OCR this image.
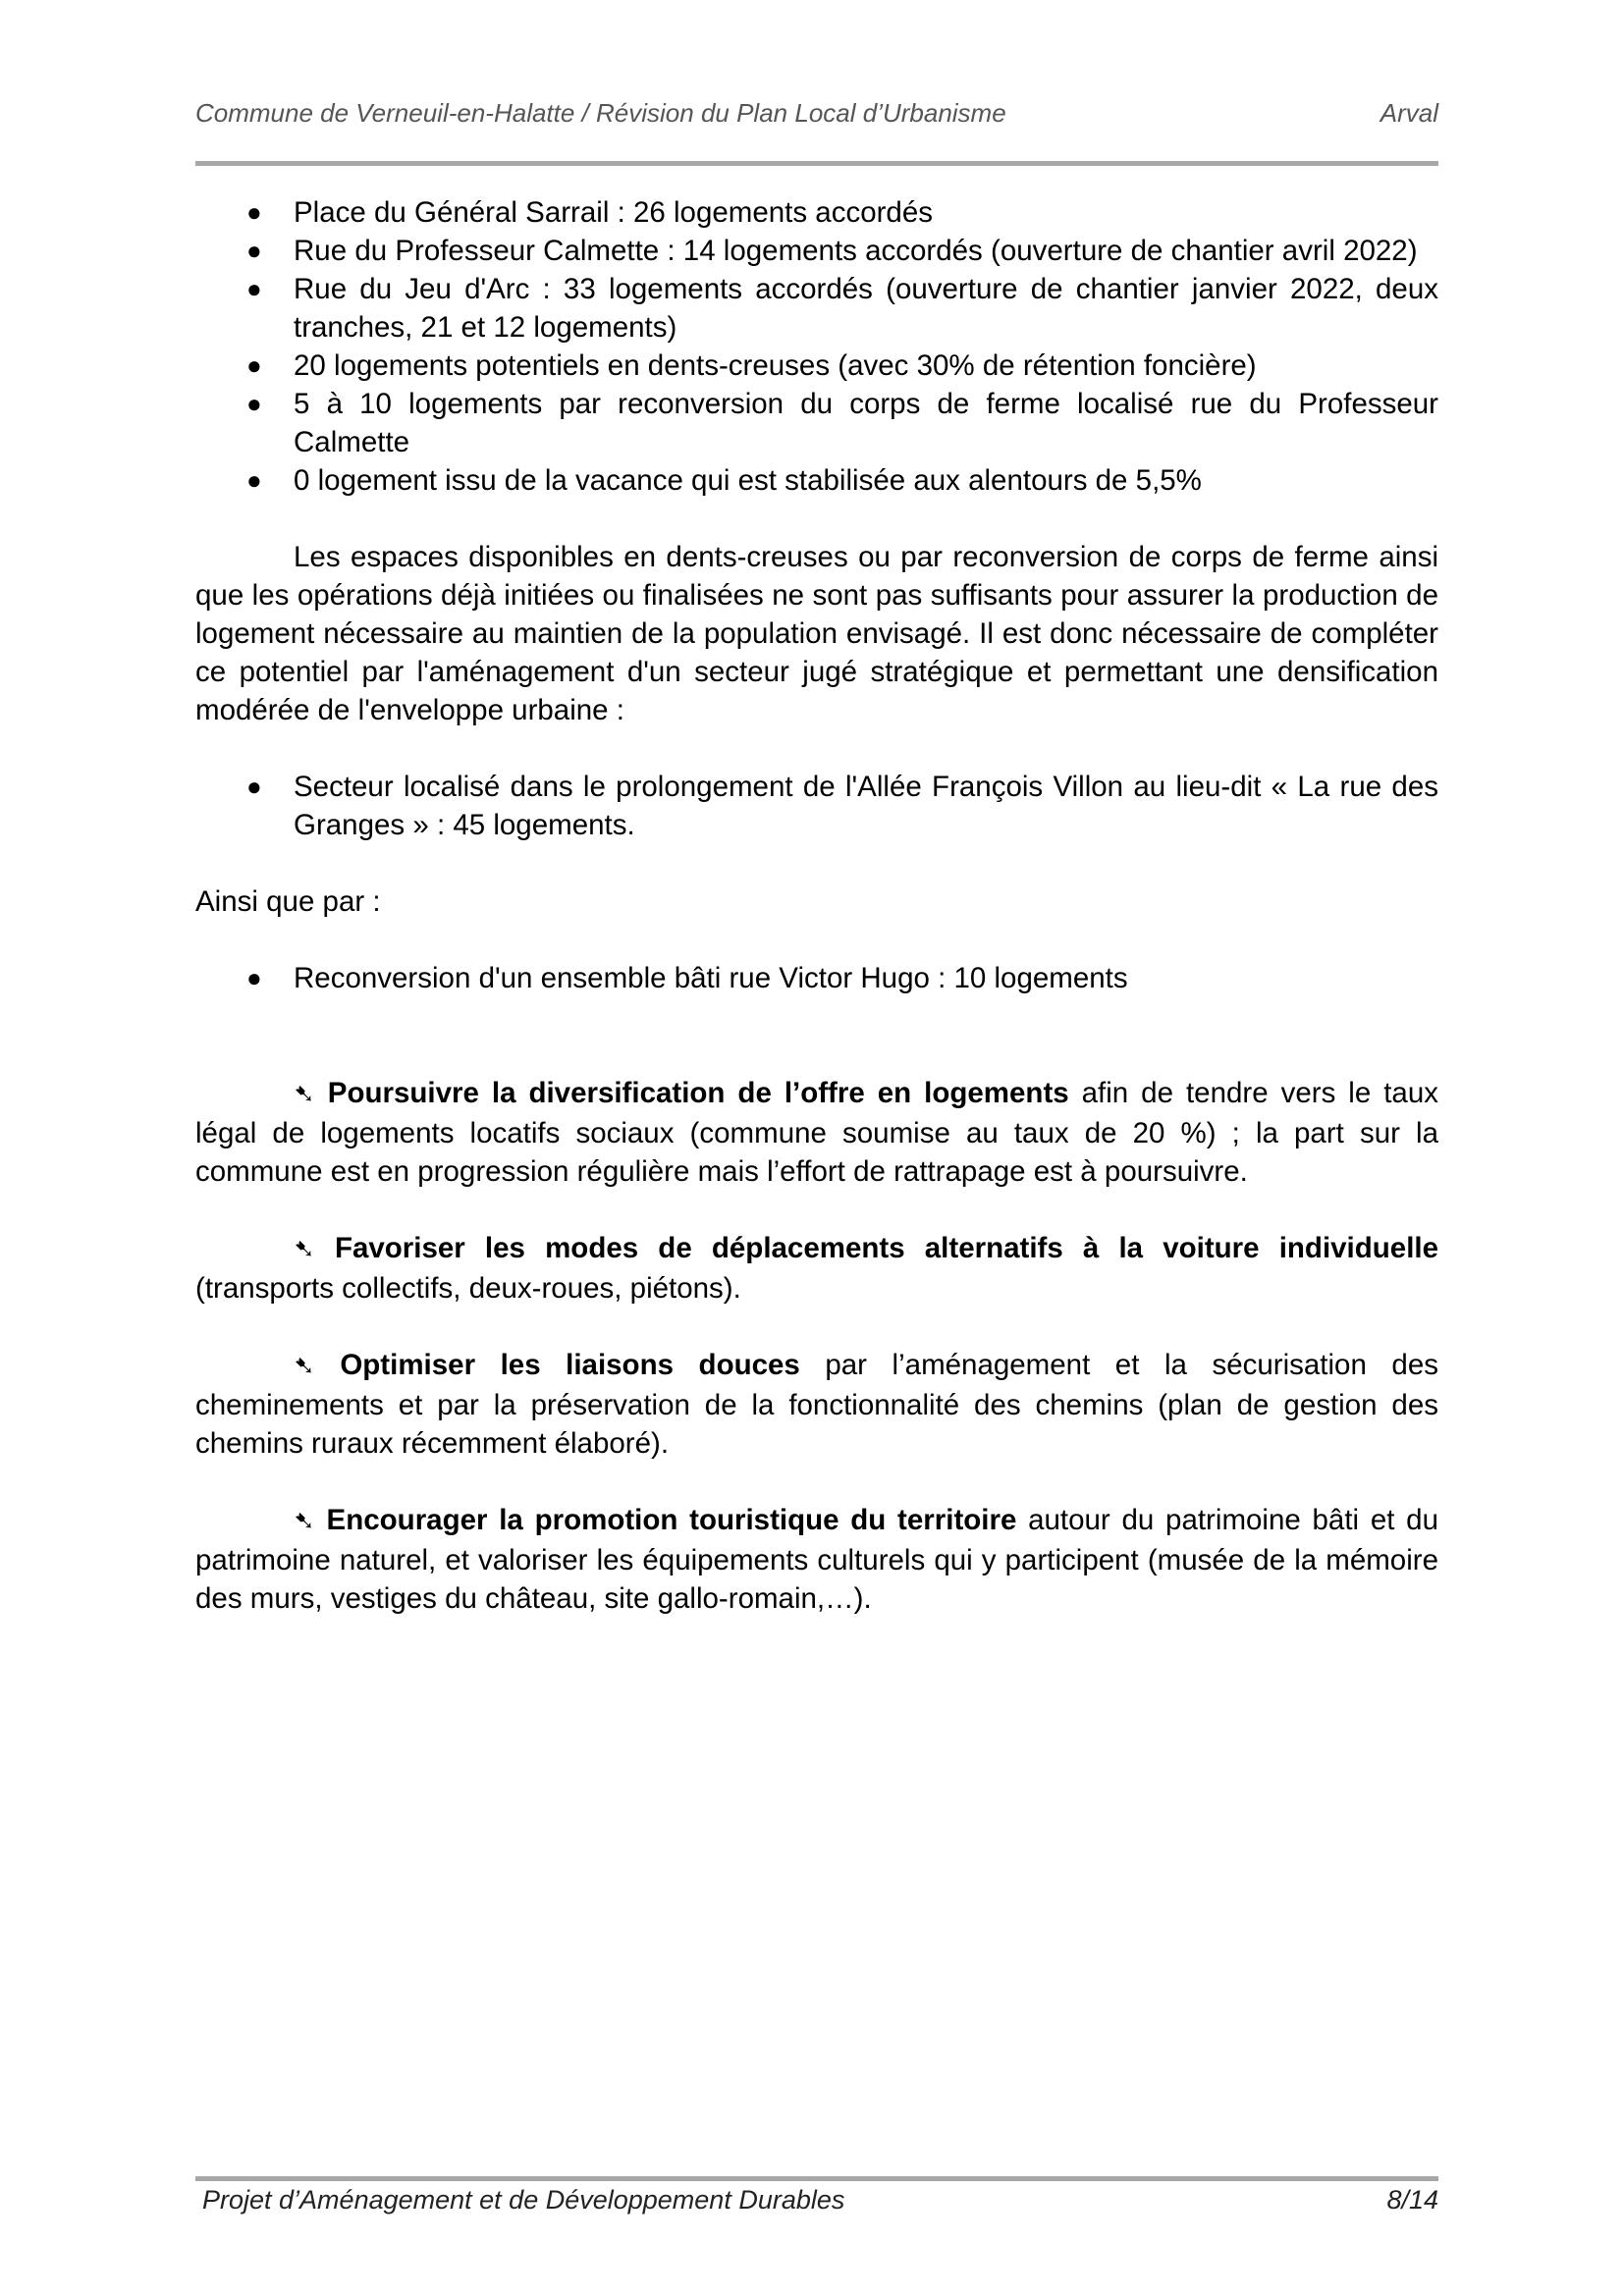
Commune de Verneuil-en-Halatte / Révision du Plan Local d’Urbanisme	Arval
● Place du Général Sarrail : 26 logements accordés
● Rue du Professeur Calmette : 14 logements accordés (ouverture de chantier avril 2022)
● Rue du Jeu d'Arc : 33 logements accordés (ouverture de chantier janvier 2022, deux tranches, 21 et 12 logements)
● 20 logements potentiels en dents-creuses (avec 30% de rétention foncière)
● 5 à 10 logements par reconversion du corps de ferme localisé rue du Professeur Calmette
● 0 logement issu de la vacance qui est stabilisée aux alentours de 5,5%

Les espaces disponibles en dents-creuses ou par reconversion de corps de ferme ainsi que les opérations déjà initiées ou finalisées ne sont pas suffisants pour assurer la production de logement nécessaire au maintien de la population envisagé. Il est donc nécessaire de compléter ce potentiel par l'aménagement d'un secteur jugé stratégique et permettant une densification modérée de l'enveloppe urbaine :

● Secteur localisé dans le prolongement de l'Allée François Villon au lieu-dit « La rue des Granges » : 45 logements.

Ainsi que par :

● Reconversion d'un ensemble bâti rue Victor Hugo : 10 logements

➷ Poursuivre la diversification de l’offre en logements afin de tendre vers le taux légal de logements locatifs sociaux (commune soumise au taux de 20 %) ; la part sur la commune est en progression régulière mais l’effort de rattrapage est à poursuivre.

➷ Favoriser les modes de déplacements alternatifs à la voiture individuelle (transports collectifs, deux-roues, piétons).

➷ Optimiser les liaisons douces par l’aménagement et la sécurisation des cheminements et par la préservation de la fonctionnalité des chemins (plan de gestion des chemins ruraux récemment élaboré).

➷ Encourager la promotion touristique du territoire autour du patrimoine bâti et du patrimoine naturel, et valoriser les équipements culturels qui y participent (musée de la mémoire des murs, vestiges du château, site gallo-romain,…).

Projet d’Aménagement et de Développement Durables	8/14
